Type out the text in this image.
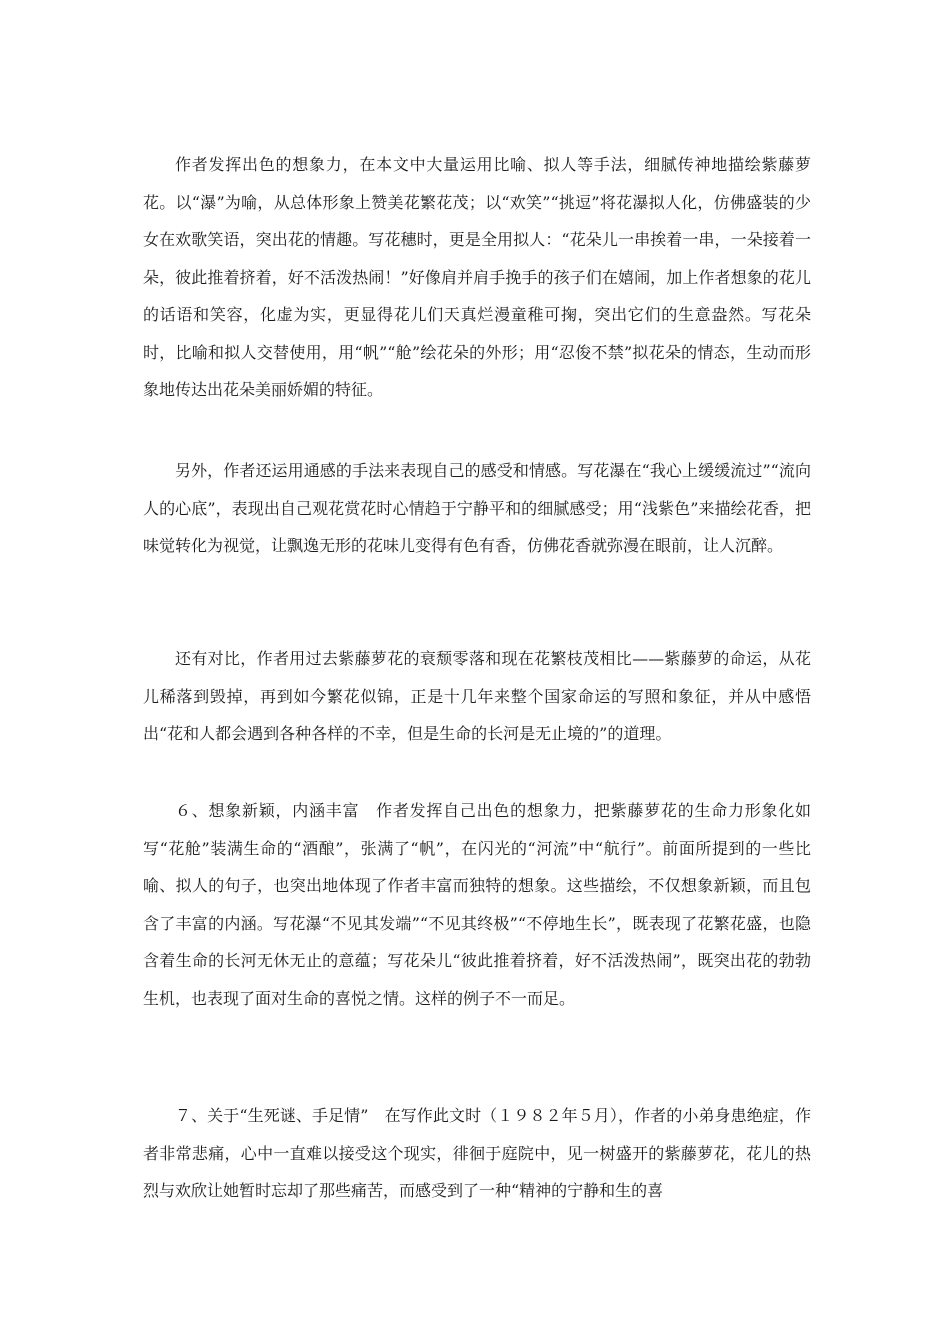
作者发挥出色的想象力，在本文中大量运用比喻、拟人等手法，细腻传神地描绘紫藤萝花。以“瀑”为喻，从总体形象上赞美花繁花茂；以“欢笑”“挑逗”将花瀑拟人化，仿佛盛装的少女在欢歌笑语，突出花的情趣。写花穗时，更是全用拟人：“花朵儿一串挨着一串，一朵接着一朵，彼此推着挤着，好不活泼热闹！”好像肩并肩手挽手的孩子们在嬉闹，加上作者想象的花儿的话语和笑容，化虚为实，更显得花儿们天真烂漫童稚可掬，突出它们的生意盎然。写花朵时，比喻和拟人交替使用，用“帆”“舱”绘花朵的外形；用“忍俊不禁”拟花朵的情态，生动而形象地传达出花朵美丽娇媚的特征。

另外，作者还运用通感的手法来表现自己的感受和情感。写花瀑在“我心上缓缓流过”“流向人的心底”，表现出自己观花赏花时心情趋于宁静平和的细腻感受；用“浅紫色”来描绘花香，把味觉转化为视觉，让飘逸无形的花味儿变得有色有香，仿佛花香就弥漫在眼前，让人沉醉。

还有对比，作者用过去紫藤萝花的衰颓零落和现在花繁枝茂相比——紫藤萝的命运，从花儿稀落到毁掉，再到如今繁花似锦，正是十几年来整个国家命运的写照和象征，并从中感悟出“花和人都会遇到各种各样的不幸，但是生命的长河是无止境的”的道理。

６、想象新颖，内涵丰富　作者发挥自己出色的想象力，把紫藤萝花的生命力形象化如写“花舱”装满生命的“酒酿”，张满了“帆”，在闪光的“河流”中“航行”。前面所提到的一些比喻、拟人的句子，也突出地体现了作者丰富而独特的想象。这些描绘，不仅想象新颖，而且包含了丰富的内涵。写花瀑“不见其发端”“不见其终极”“不停地生长”，既表现了花繁花盛，也隐含着生命的长河无休无止的意蕴；写花朵儿“彼此推着挤着，好不活泼热闹”，既突出花的勃勃生机，也表现了面对生命的喜悦之情。这样的例子不一而足。

７、关于“生死谜、手足情”　在写作此文时（１９８２年５月），作者的小弟身患绝症，作者非常悲痛，心中一直难以接受这个现实，徘徊于庭院中，见一树盛开的紫藤萝花，花儿的热烈与欢欣让她暂时忘却了那些痛苦，而感受到了一种“精神的宁静和生的喜
